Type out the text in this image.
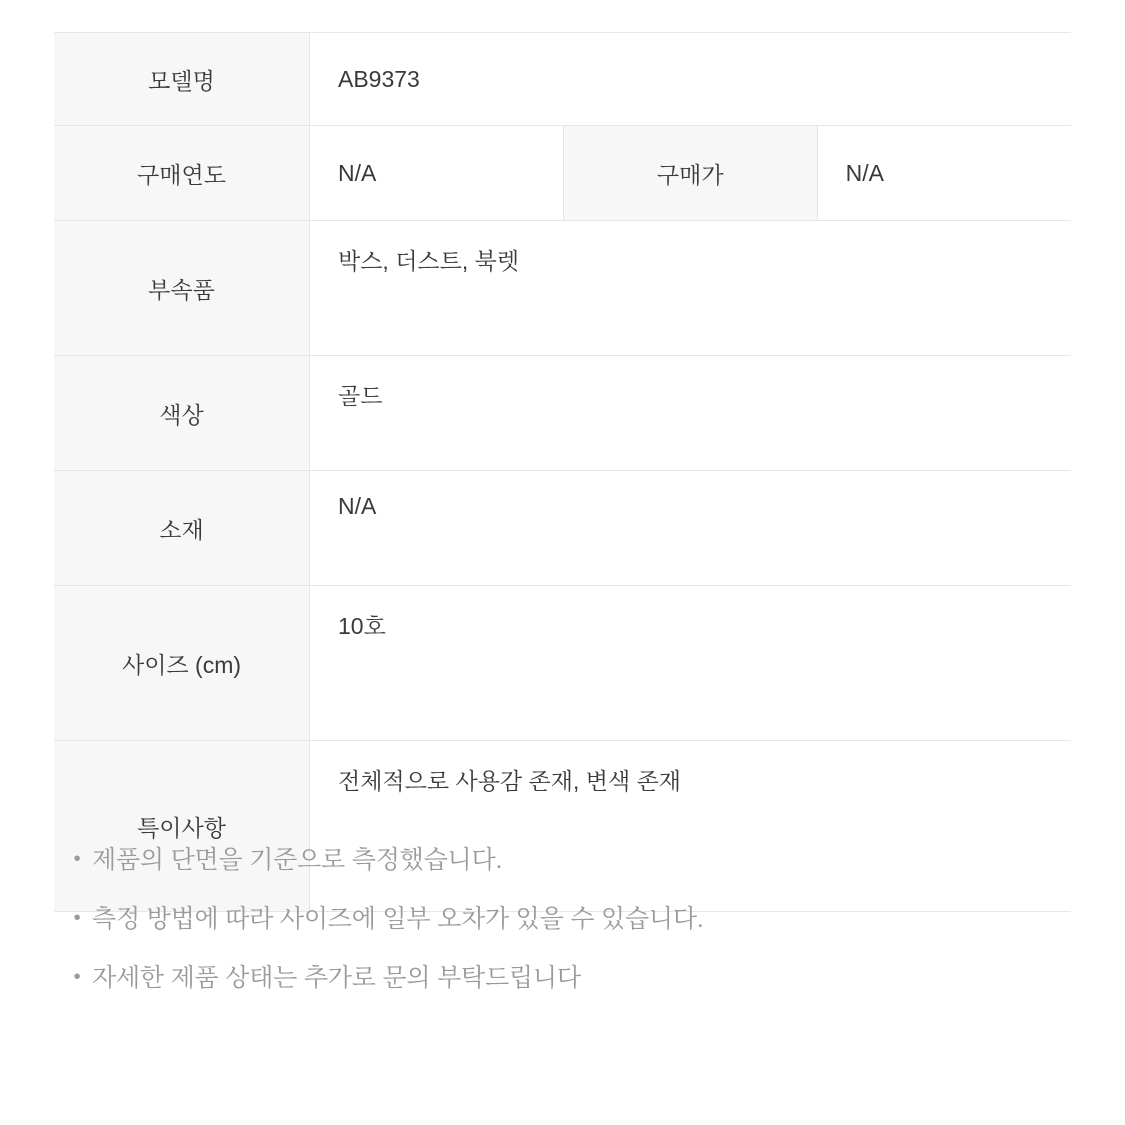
모델명	AB9373		
구매연도	N/A	구매가	N/A
부속품	박스, 더스트, 북렛		
색상	골드		
소재	N/A		
사이즈 (cm)	10호		
특이사항	전체적으로 사용감 존재, 변색 존재		
• 제품의 단면을 기준으로 측정했습니다.
• 측정 방법에 따라 사이즈에 일부 오차가 있을 수 있습니다.
• 자세한 제품 상태는 추가로 문의 부탁드립니다
